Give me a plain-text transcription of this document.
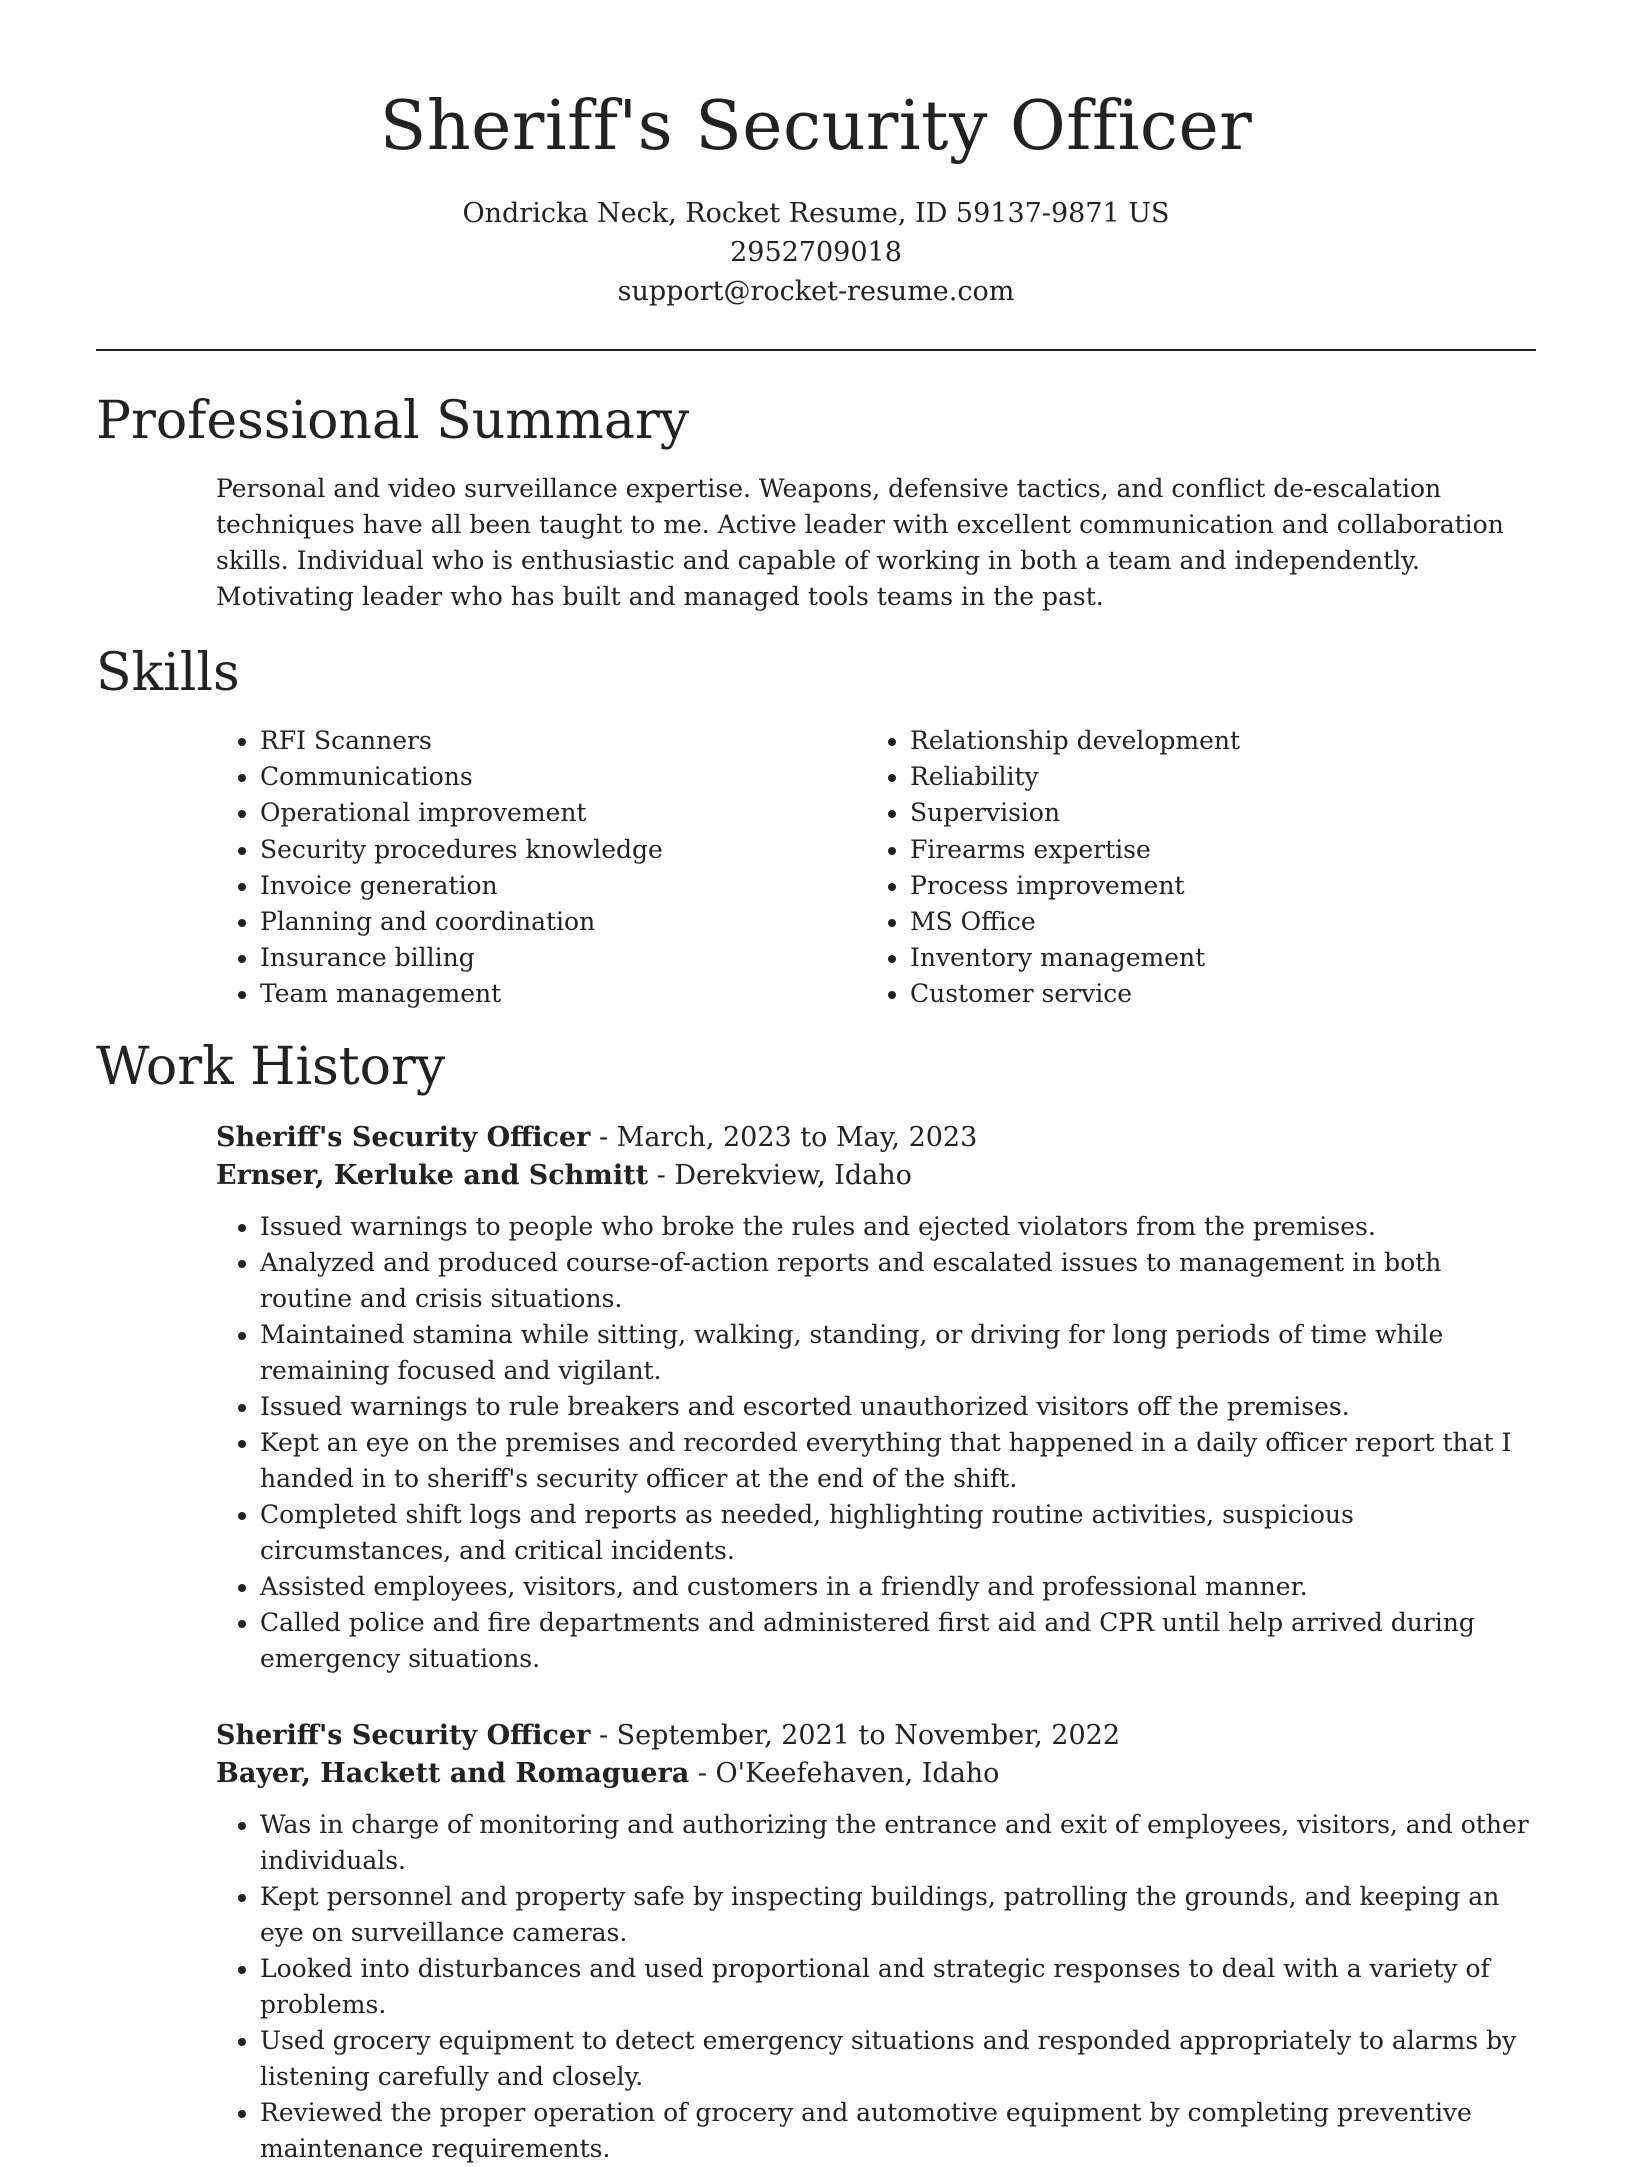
Sheriff's Security Officer

Ondricka Neck, Rocket Resume, ID 59137-9871 US

2952709018

support@rocket-resume.com

Professional Summary

Personal and video surveillance expertise. Weapons, defensive tactics, and conflict de-escalation techniques have all been taught to me. Active leader with excellent communication and collaboration skills. Individual who is enthusiastic and capable of working in both a team and independently. Motivating leader who has built and managed tools teams in the past.

Skills
• RFI Scanners
• Communications
• Operational improvement
• Security procedures knowledge
• Invoice generation
• Planning and coordination
• Insurance billing
• Team management
• Relationship development
• Reliability
• Supervision
• Firearms expertise
• Process improvement
• MS Office
• Inventory management
• Customer service
Work History
Sheriff's Security Officer - March, 2023 to May, 2023
Ernser, Kerluke and Schmitt - Derekview, Idaho
• Issued warnings to people who broke the rules and ejected violators from the premises.
• Analyzed and produced course-of-action reports and escalated issues to management in both routine and crisis situations.
• Maintained stamina while sitting, walking, standing, or driving for long periods of time while remaining focused and vigilant.
• Issued warnings to rule breakers and escorted unauthorized visitors off the premises.
• Kept an eye on the premises and recorded everything that happened in a daily officer report that I handed in to sheriff's security officer at the end of the shift.
• Completed shift logs and reports as needed, highlighting routine activities, suspicious circumstances, and critical incidents.
• Assisted employees, visitors, and customers in a friendly and professional manner.
• Called police and fire departments and administered first aid and CPR until help arrived during emergency situations.
Sheriff's Security Officer - September, 2021 to November, 2022
Bayer, Hackett and Romaguera - O'Keefehaven, Idaho
• Was in charge of monitoring and authorizing the entrance and exit of employees, visitors, and other individuals.
• Kept personnel and property safe by inspecting buildings, patrolling the grounds, and keeping an eye on surveillance cameras.
• Looked into disturbances and used proportional and strategic responses to deal with a variety of problems.
• Used grocery equipment to detect emergency situations and responded appropriately to alarms by listening carefully and closely.
• Reviewed the proper operation of grocery and automotive equipment by completing preventive maintenance requirements.
